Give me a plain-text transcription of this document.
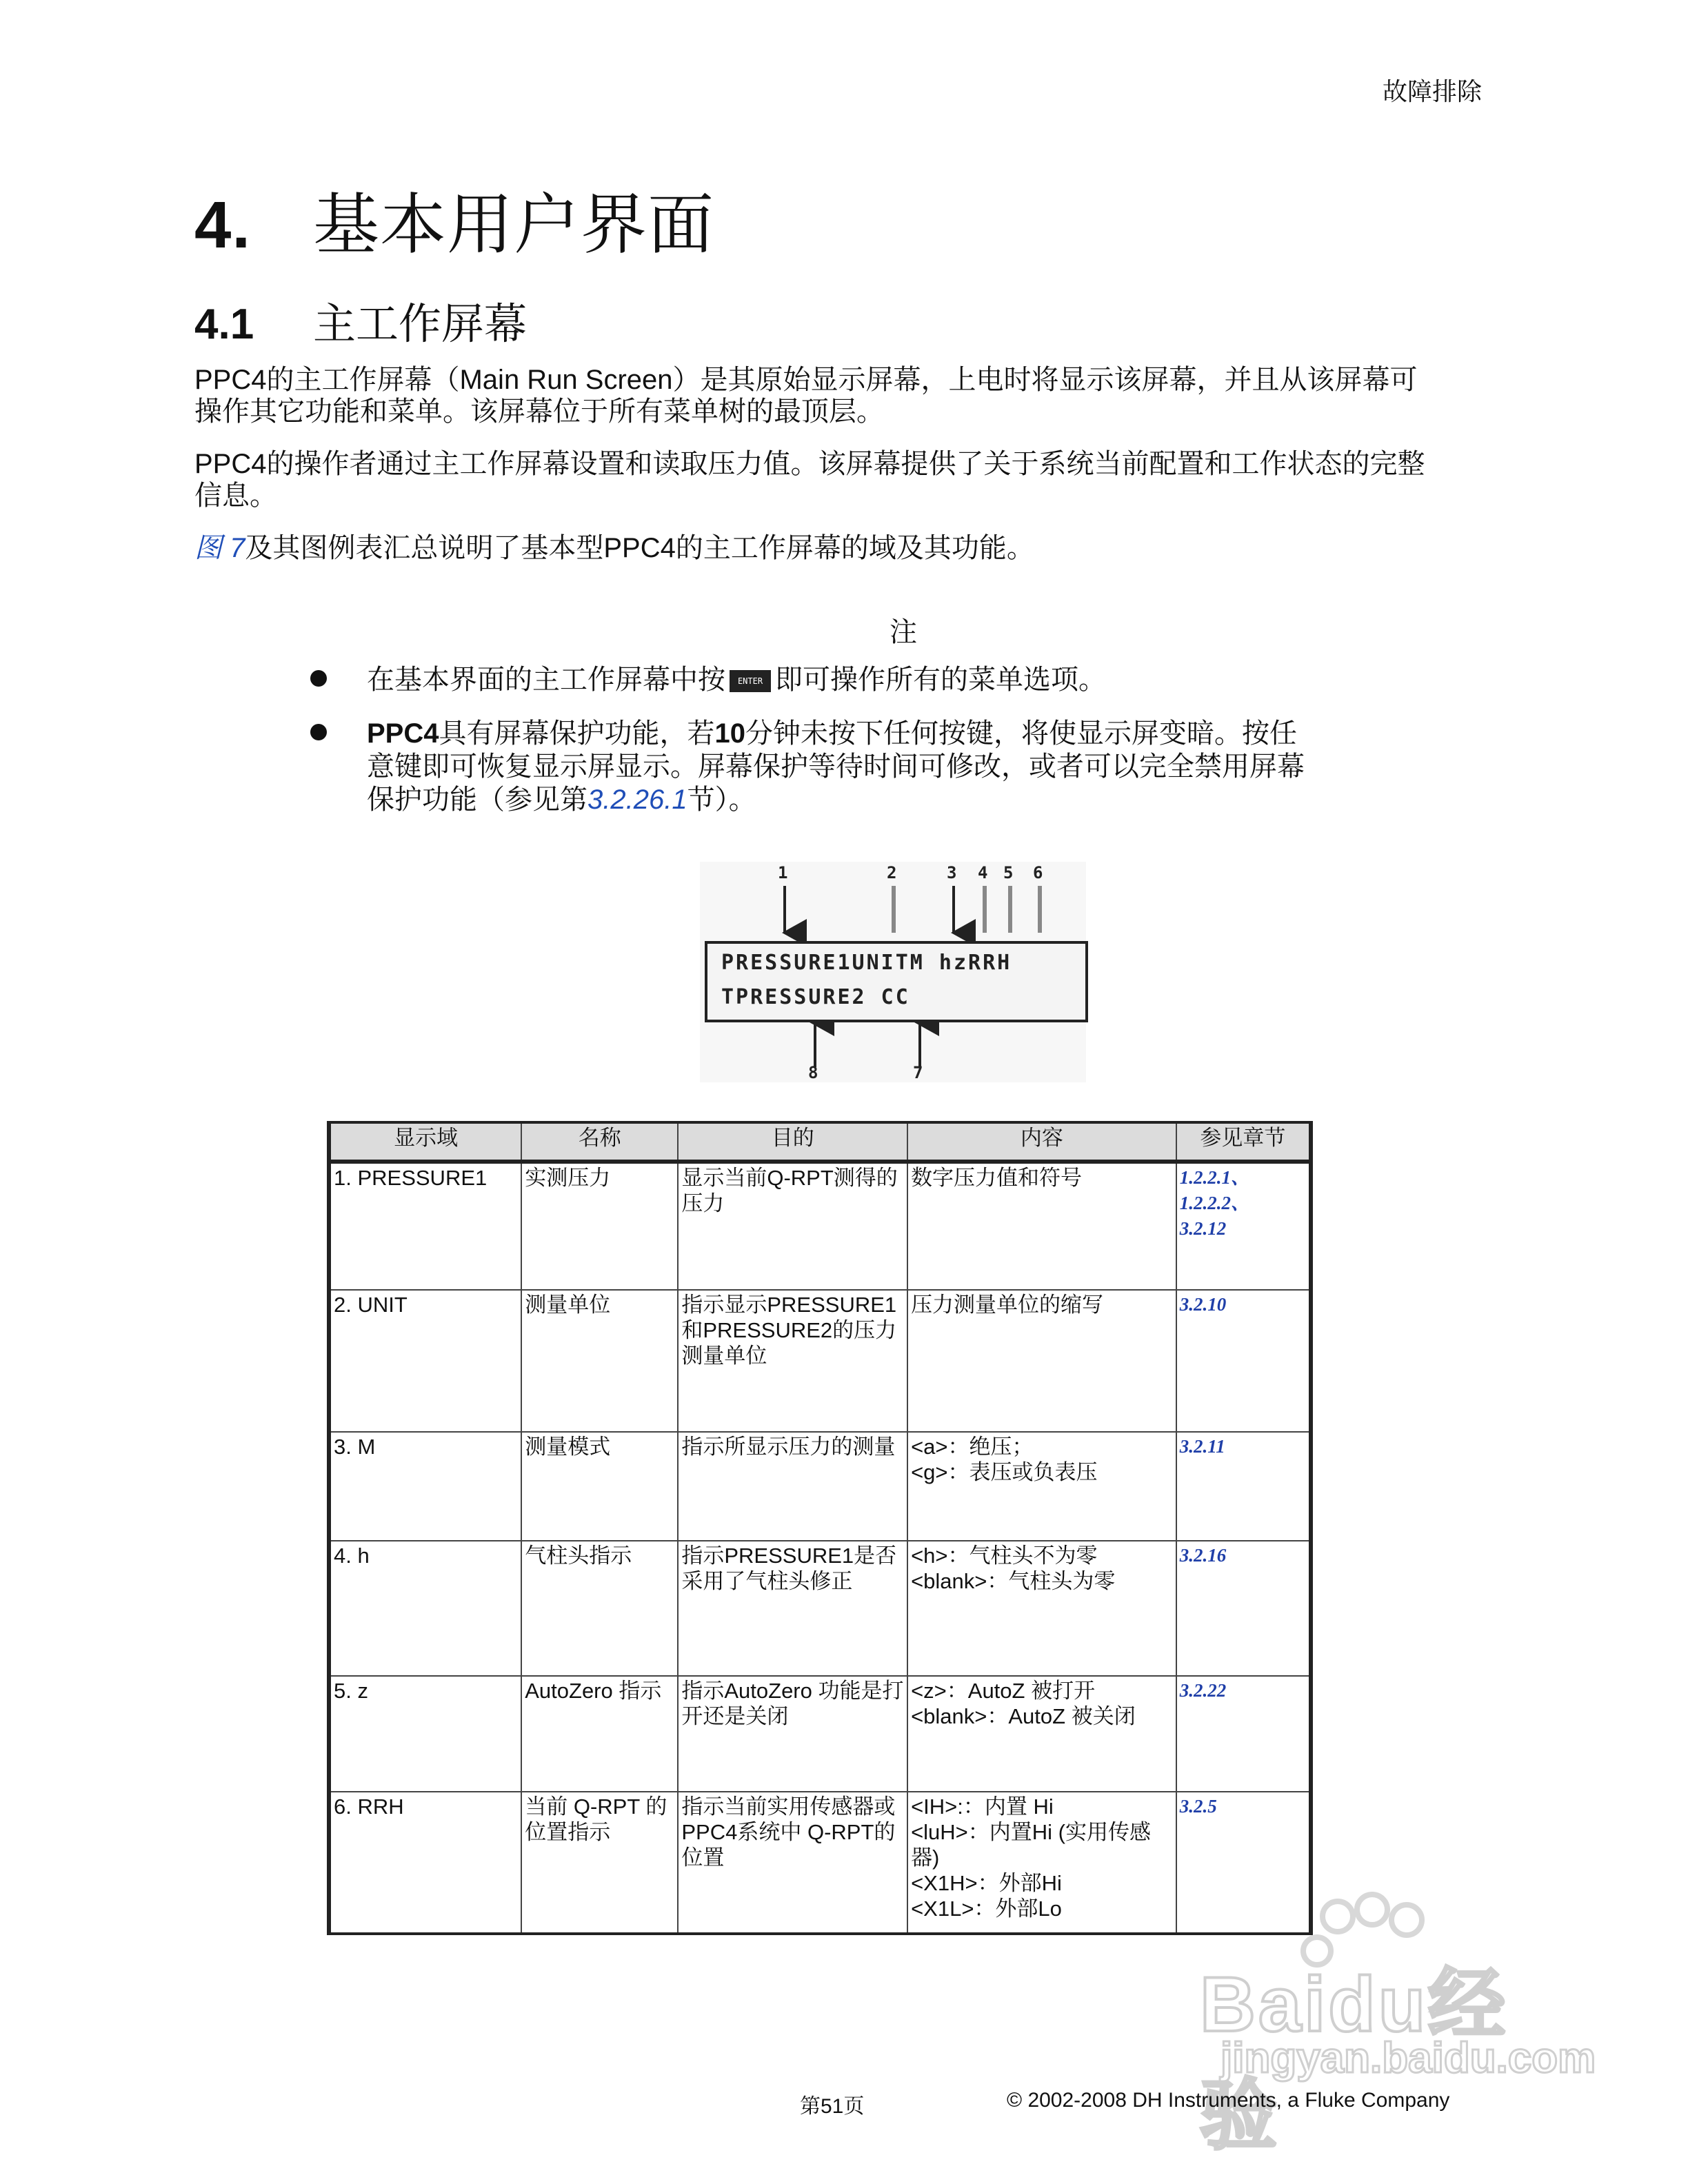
故障排除
4. 基本用户界面
4.1 主工作屏幕
PPC4的主工作屏幕（Main Run Screen）是其原始显示屏幕，上电时将显示该屏幕，并且从该屏幕可
操作其它功能和菜单。该屏幕位于所有菜单树的最顶层。
PPC4的操作者通过主工作屏幕设置和读取压力值。该屏幕提供了关于系统当前配置和工作状态的完整
信息。
图 7及其图例表汇总说明了基本型PPC4的主工作屏幕的域及其功能。
注
在基本界面的主工作屏幕中按 ENTER 即可操作所有的菜单选项。
PPC4具有屏幕保护功能，若10分钟未按下任何按键，将使显示屏变暗。按任
意键即可恢复显示屏显示。屏幕保护等待时间可修改，或者可以完全禁用屏幕
保护功能（参见第3.2.26.1节）。
1	2	3 4 5 6
8	7
PRESSURE1UNITM hzRRH
TPRESSURE2 CC
显示域	名称	目的	内容	参见章节
1. PRESSURE1	实测压力	显示当前Q-RPT测得的
压力	数字压力值和符号	1.2.2.1、
1.2.2.2、
3.2.12

2. UNIT	测量单位	指示显示PRESSURE1
和PRESSURE2的压力
测量单位	压力测量单位的缩写	3.2.10

3. M	测量模式	指示所显示压力的测量	<a>：绝压；
<g>：表压或负表压	3.2.11

4. h	气柱头指示	指示PRESSURE1是否
采用了气柱头修正	<h>：气柱头不为零
<blank>：气柱头为零	3.2.16

5. z	AutoZero 指示	指示AutoZero 功能是打
开还是关闭	<z>：AutoZ 被打开
<blank>：AutoZ 被关闭	3.2.22

6. RRH	当前 Q-RPT 的位置指示	指示当前实用传感器或
PPC4系统中 Q-RPT的
位置	<IH>:：内置 Hi
<luH>：内置Hi (实用传感
器)
<X1H>：外部Hi
<X1L>：外部Lo	3.2.5
Baidu经验
jingyan.baidu.com
第51页	© 2002-2008 DH Instruments, a Fluke Company
